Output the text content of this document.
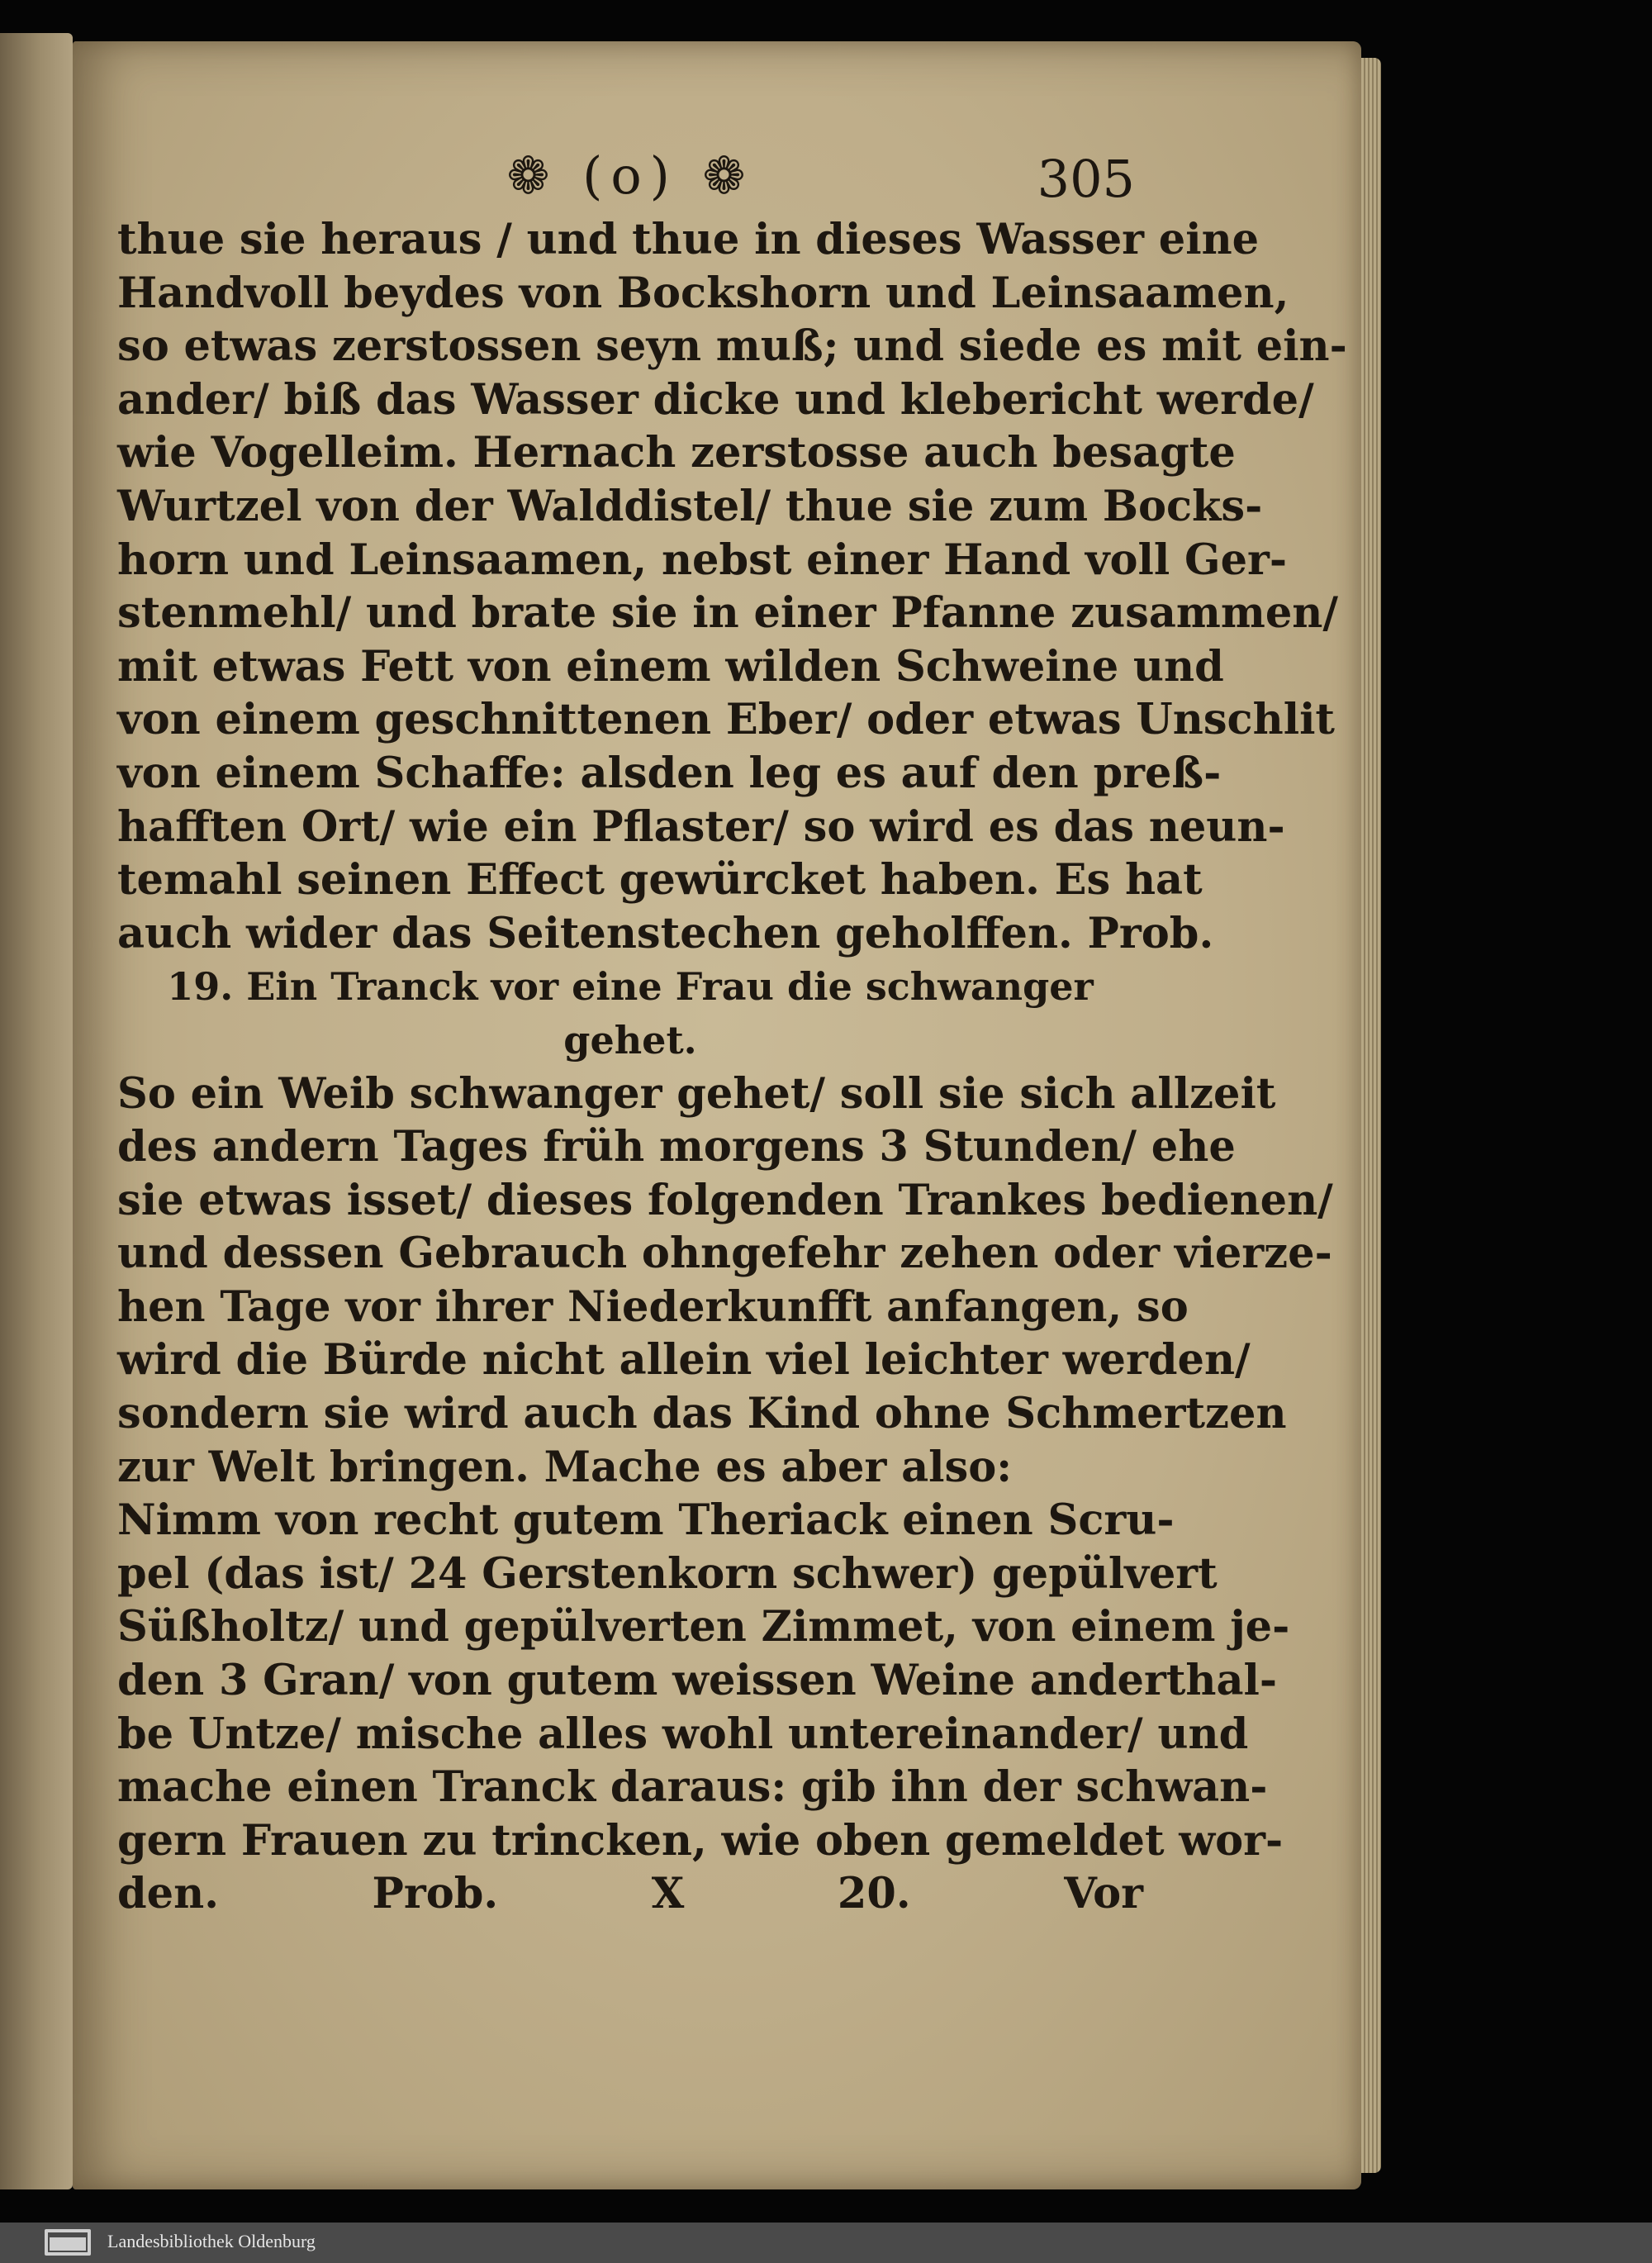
❁ (o) ❁	305
thue sie heraus / und thue in dieses Wasser eine
Handvoll beydes von Bockshorn und Leinsaamen,
so etwas zerstossen seyn muß; und siede es mit ein-
ander/ biß das Wasser dicke und klebericht werde/
wie Vogelleim. Hernach zerstosse auch besagte
Wurtzel von der Walddistel/ thue sie zum Bocks-
horn und Leinsaamen, nebst einer Hand voll Ger-
stenmehl/ und brate sie in einer Pfanne zusammen/
mit etwas Fett von einem wilden Schweine und
von einem geschnittenen Eber/ oder etwas Unschlit
von einem Schaffe: alsden leg es auf den preß-
hafften Ort/ wie ein Pflaster/ so wird es das neun-
temahl seinen Effect gewürcket haben. Es hat
auch wider das Seitenstechen geholffen. Prob.
19. Ein Tranck vor eine Frau die schwanger
gehet.
So ein Weib schwanger gehet/ soll sie sich allzeit
des andern Tages früh morgens 3 Stunden/ ehe
sie etwas isset/ dieses folgenden Trankes bedienen/
und dessen Gebrauch ohngefehr zehen oder vierze-
hen Tage vor ihrer Niederkunfft anfangen, so
wird die Bürde nicht allein viel leichter werden/
sondern sie wird auch das Kind ohne Schmertzen
zur Welt bringen. Mache es aber also:
Nimm von recht gutem Theriack einen Scru-
pel (das ist/ 24 Gerstenkorn schwer) gepülvert
Süßholtz/ und gepülverten Zimmet, von einem je-
den 3 Gran/ von gutem weissen Weine anderthal-
be Untze/ mische alles wohl untereinander/ und
mache einen Tranck daraus: gib ihn der schwan-
gern Frauen zu trincken, wie oben gemeldet wor-
den. Prob. X 20. Vor
Landesbibliothek Oldenburg
